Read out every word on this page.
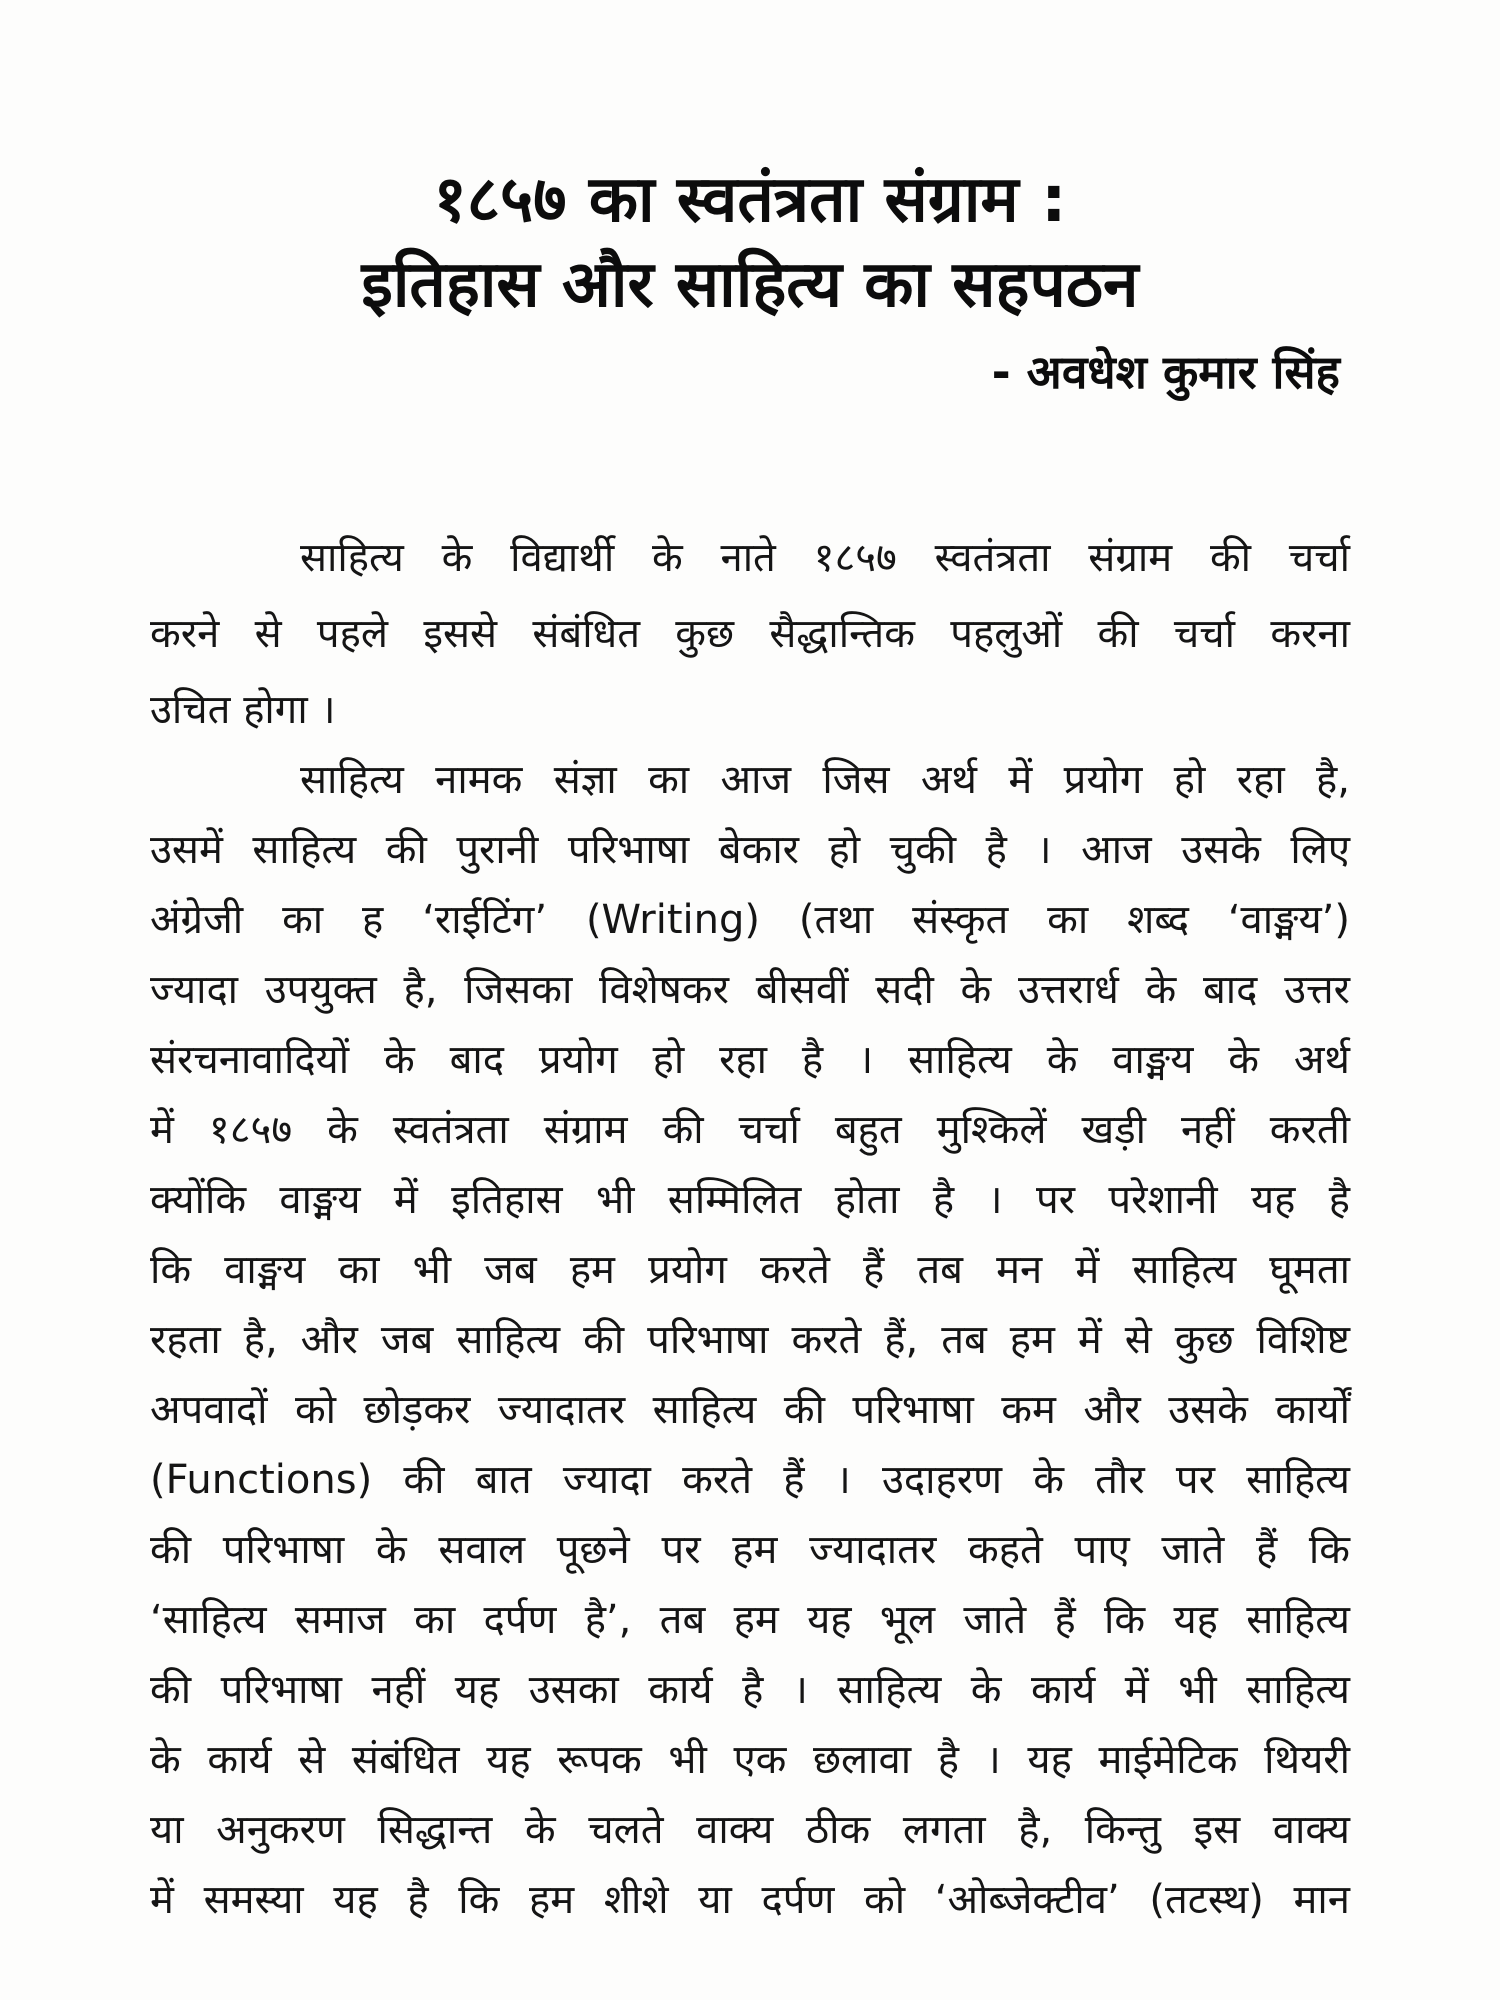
१८५७ का स्वतंत्रता संग्राम :
इतिहास और साहित्य का सहपठन
- अवधेश कुमार सिंह
साहित्य के विद्यार्थी के नाते १८५७ स्वतंत्रता संग्राम की चर्चा
करने से पहले इससे संबंधित कुछ सैद्धान्तिक पहलुओं की चर्चा करना
उचित होगा ।
साहित्य नामक संज्ञा का आज जिस अर्थ में प्रयोग हो रहा है,
उसमें साहित्य की पुरानी परिभाषा बेकार हो चुकी है । आज उसके लिए
अंग्रेजी का ह ‘राईटिंग’ (Writing) (तथा संस्कृत का शब्द ‘वाङ्मय’)
ज्यादा उपयुक्त है, जिसका विशेषकर बीसवीं सदी के उत्तरार्ध के बाद उत्तर
संरचनावादियों के बाद प्रयोग हो रहा है । साहित्य के वाङ्मय के अर्थ
में १८५७ के स्वतंत्रता संग्राम की चर्चा बहुत मुश्किलें खड़ी नहीं करती
क्योंकि वाङ्मय में इतिहास भी सम्मिलित होता है । पर परेशानी यह है
कि वाङ्मय का भी जब हम प्रयोग करते हैं तब मन में साहित्य घूमता
रहता है, और जब साहित्य की परिभाषा करते हैं, तब हम में से कुछ विशिष्ट
अपवादों को छोड़कर ज्यादातर साहित्य की परिभाषा कम और उसके कार्यों
(Functions) की बात ज्यादा करते हैं । उदाहरण के तौर पर साहित्य
की परिभाषा के सवाल पूछने पर हम ज्यादातर कहते पाए जाते हैं कि
‘साहित्य समाज का दर्पण है’, तब हम यह भूल जाते हैं कि यह साहित्य
की परिभाषा नहीं यह उसका कार्य है । साहित्य के कार्य में भी साहित्य
के कार्य से संबंधित यह रूपक भी एक छलावा है । यह माईमेटिक थियरी
या अनुकरण सिद्धान्त के चलते वाक्य ठीक लगता है, किन्तु इस वाक्य
में समस्या यह है कि हम शीशे या दर्पण को ‘ओब्जेक्टीव’ (तटस्थ) मान
